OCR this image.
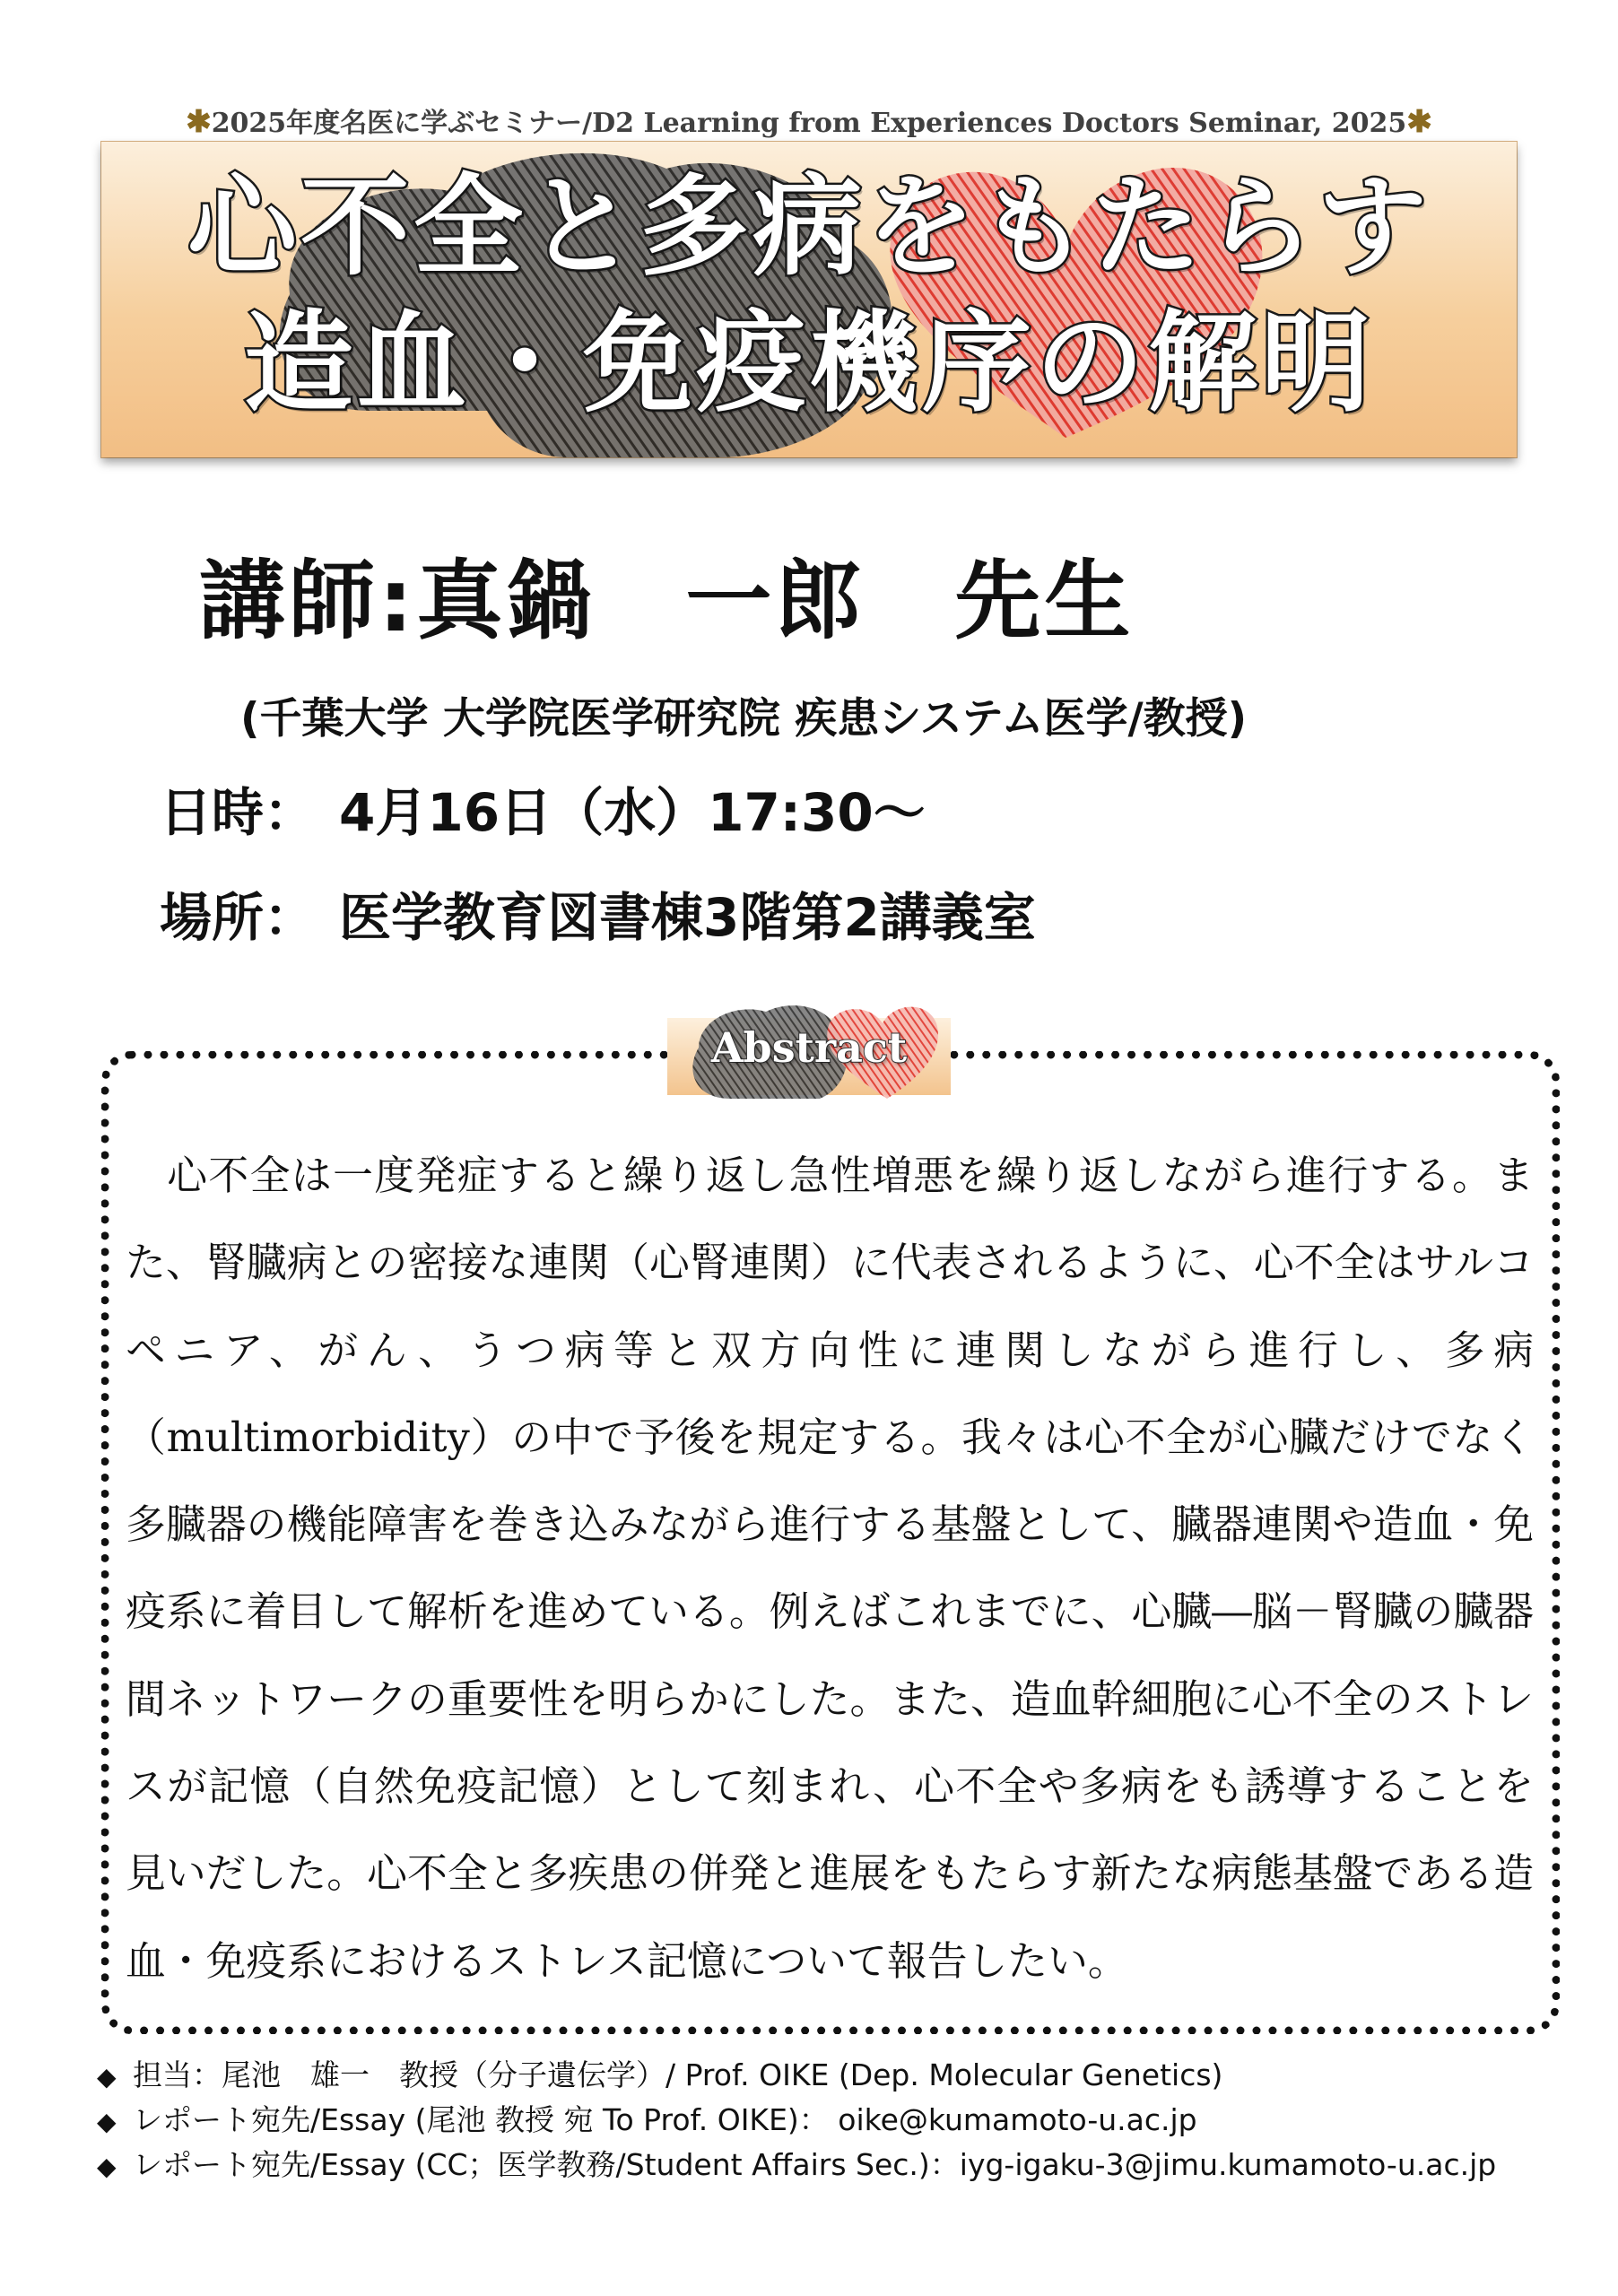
✱2025年度名医に学ぶセミナー/D2 Learning from Experiences Doctors Seminar, 2025✱
心不全と多病をもたらす
造血・免疫機序の解明
講師:真鍋　一郎　先生
(千葉大学 大学院医学研究院 疾患システム医学/教授)
日時： 4月16日（水）17:30～
場所： 医学教育図書棟3階第2講義室
Abstract
　心不全は一度発症すると繰り返し急性増悪を繰り返しながら進行する。また、腎臓病との密接な連関（心腎連関）に代表されるように、心不全はサルコペニア、がん、うつ病等と双方向性に連関しながら進行し、多病（multimorbidity）の中で予後を規定する。我々は心不全が心臓だけでなく多臓器の機能障害を巻き込みながら進行する基盤として、臓器連関や造血・免疫系に着目して解析を進めている。例えばこれまでに、心臓―脳－腎臓の臓器間ネットワークの重要性を明らかにした。また、造血幹細胞に心不全のストレスが記憶（自然免疫記憶）として刻まれ、心不全や多病をも誘導することを見いだした。心不全と多疾患の併発と進展をもたらす新たな病態基盤である造血・免疫系におけるストレス記憶について報告したい。
◆ 担当：尾池　雄一　教授（分子遺伝学）/ Prof. OIKE (Dep. Molecular Genetics)
◆ レポート宛先/Essay (尾池 教授 宛 To Prof. OIKE)： oike@kumamoto-u.ac.jp
◆ レポート宛先/Essay (CC；医学教務/Student Affairs Sec.)：iyg-igaku-3@jimu.kumamoto-u.ac.jp
